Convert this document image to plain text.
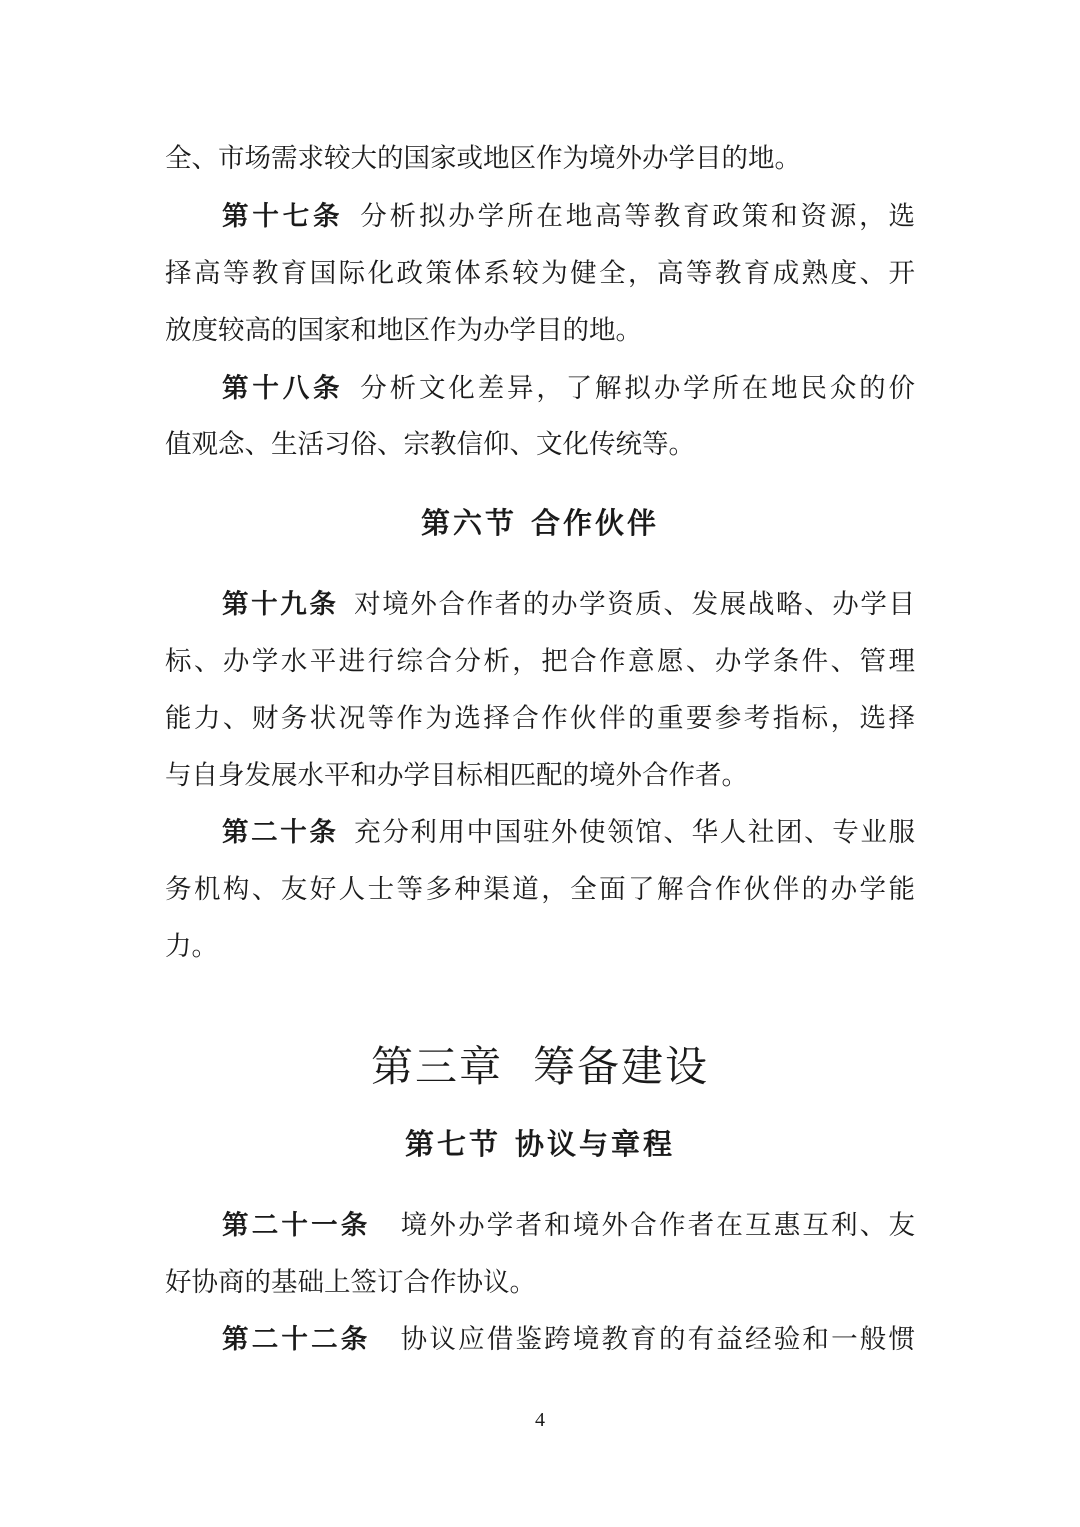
全、市场需求较大的国家或地区作为境外办学目的地。
第十七条 分析拟办学所在地高等教育政策和资源，选
择高等教育国际化政策体系较为健全，高等教育成熟度、开
放度较高的国家和地区作为办学目的地。
第十八条 分析文化差异，了解拟办学所在地民众的价
值观念、生活习俗、宗教信仰、文化传统等。
第六节 合作伙伴
第十九条 对境外合作者的办学资质、发展战略、办学目
标、办学水平进行综合分析，把合作意愿、办学条件、管理
能力、财务状况等作为选择合作伙伴的重要参考指标，选择
与自身发展水平和办学目标相匹配的境外合作者。
第二十条 充分利用中国驻外使领馆、华人社团、专业服
务机构、友好人士等多种渠道，全面了解合作伙伴的办学能
力。
第三章 筹备建设
第七节 协议与章程
第二十一条 境外办学者和境外合作者在互惠互利、友
好协商的基础上签订合作协议。
第二十二条 协议应借鉴跨境教育的有益经验和一般惯
4
